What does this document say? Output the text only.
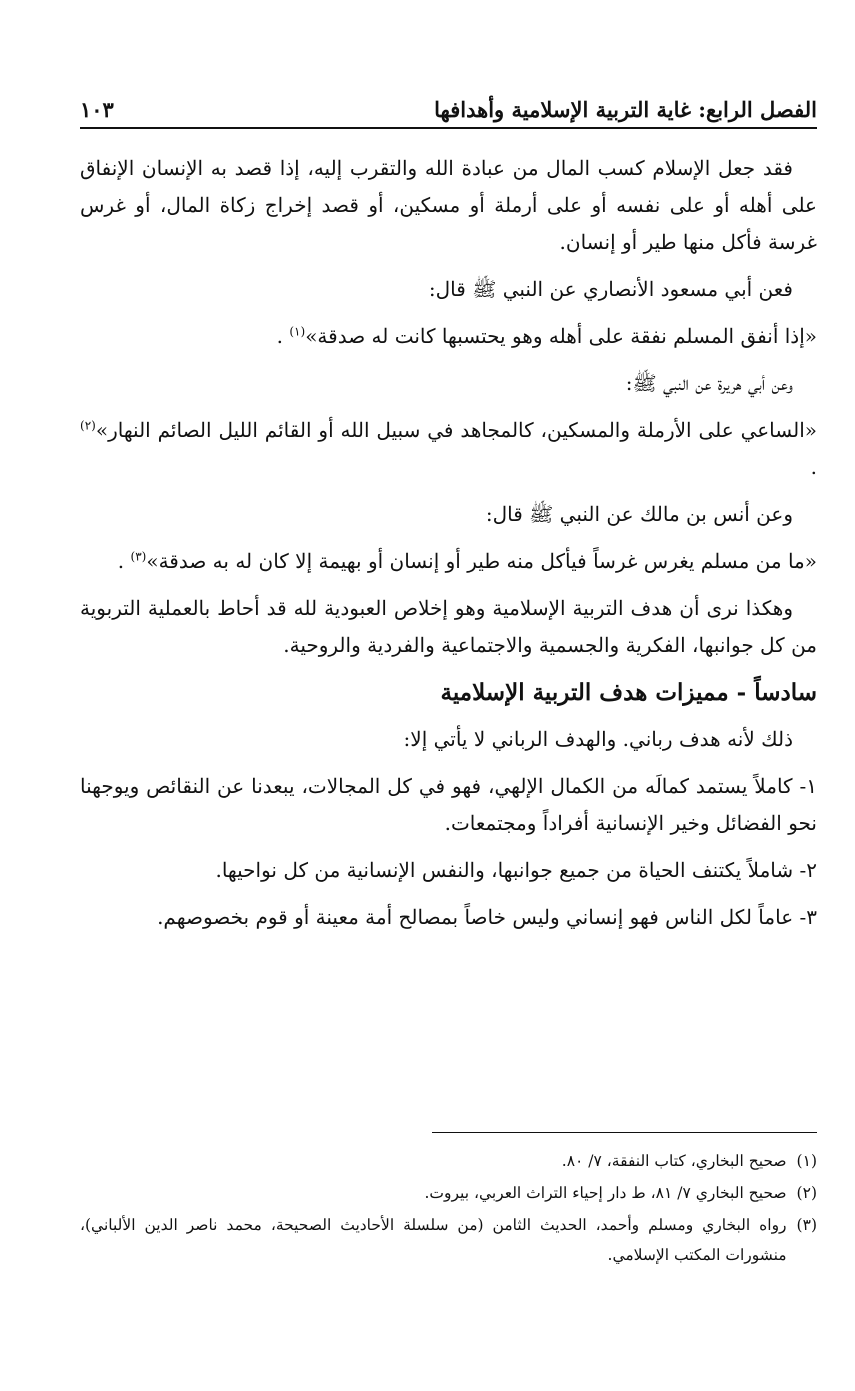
الفصل الرابع: غاية التربية الإسلامية وأهدافها
١٠٣

فقد جعل الإسلام كسب المال من عبادة الله والتقرب إليه، إذا قصد به الإنسان الإنفاق على أهله أو على نفسه أو على أرملة أو مسكين، أو قصد إخراج زكاة المال، أو غرس غرسة فأكل منها طير أو إنسان.

فعن أبي مسعود الأنصاري عن النبي ﷺ قال:

«إذا أنفق المسلم نفقة على أهله وهو يحتسبها كانت له صدقة»$^{(١)}$ .

وعن أبي هريرة عن النبي ﷺ:

«الساعي على الأرملة والمسكين، كالمجاهد في سبيل الله أو القائم الليل الصائم النهار»$^{(٢)}$ .

وعن أنس بن مالك عن النبي ﷺ قال:

«ما من مسلم يغرس غرساً فيأكل منه طير أو إنسان أو بهيمة إلا كان له به صدقة»$^{(٣)}$ .

وهكذا نرى أن هدف التربية الإسلامية وهو إخلاص العبودية لله قد أحاط بالعملية التربوية من كل جوانبها، الفكرية والجسمية والاجتماعية والفردية والروحية.

سادساً - مميزات هدف التربية الإسلامية

ذلك لأنه هدف رباني. والهدف الرباني لا يأتي إلا:

١- كاملاً يستمد كمالَه من الكمال الإلهي، فهو في كل المجالات، يبعدنا عن النقائص ويوجهنا نحو الفضائل وخير الإنسانية أفراداً ومجتمعات.

٢- شاملاً يكتنف الحياة من جميع جوانبها، والنفس الإنسانية من كل نواحيها.

٣- عاماً لكل الناس فهو إنساني وليس خاصاً بمصالح أمة معينة أو قوم بخصوصهم.

(١)
صحيح البخاري، كتاب النفقة، ٧/ ٨٠.
(٢)
صحيح البخاري ٧/ ٨١، ط دار إحياء التراث العربي، بيروت.
(٣)
رواه البخاري ومسلم وأحمد، الحديث الثامن (من سلسلة الأحاديث الصحيحة، محمد ناصر الدين الألباني)، منشورات المكتب الإسلامي.
